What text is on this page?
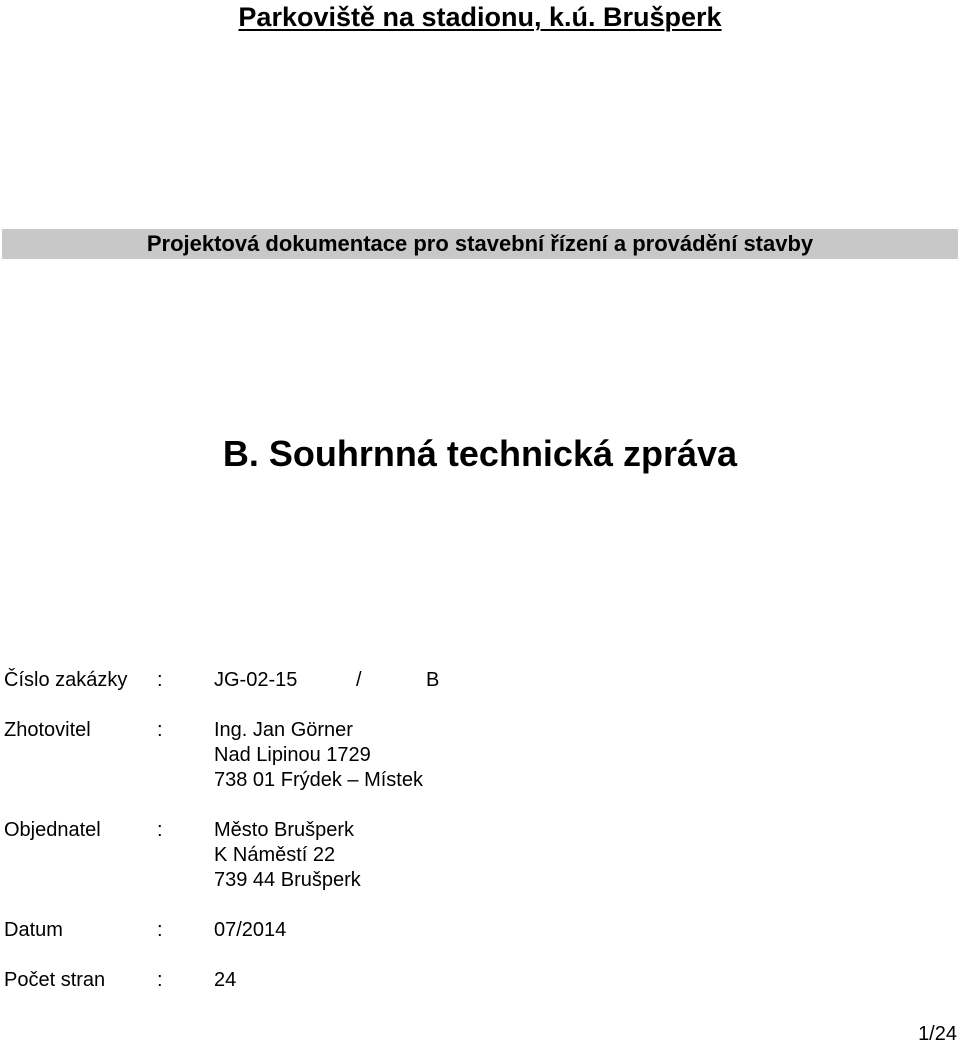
Parkoviště na stadionu, k.ú. Brušperk
Projektová dokumentace pro stavební řízení a provádění stavby
B. Souhrnná technická zpráva
Číslo zakázky :	JG-02-15	/	B
Zhotovitel	:	Ing. Jan Görner
Nad Lipinou 1729
738 01 Frýdek – Místek
Objednatel	:	Město Brušperk
K Náměstí 22
739 44 Brušperk
Datum	:	07/2014
Počet stran	:	24
1/24
